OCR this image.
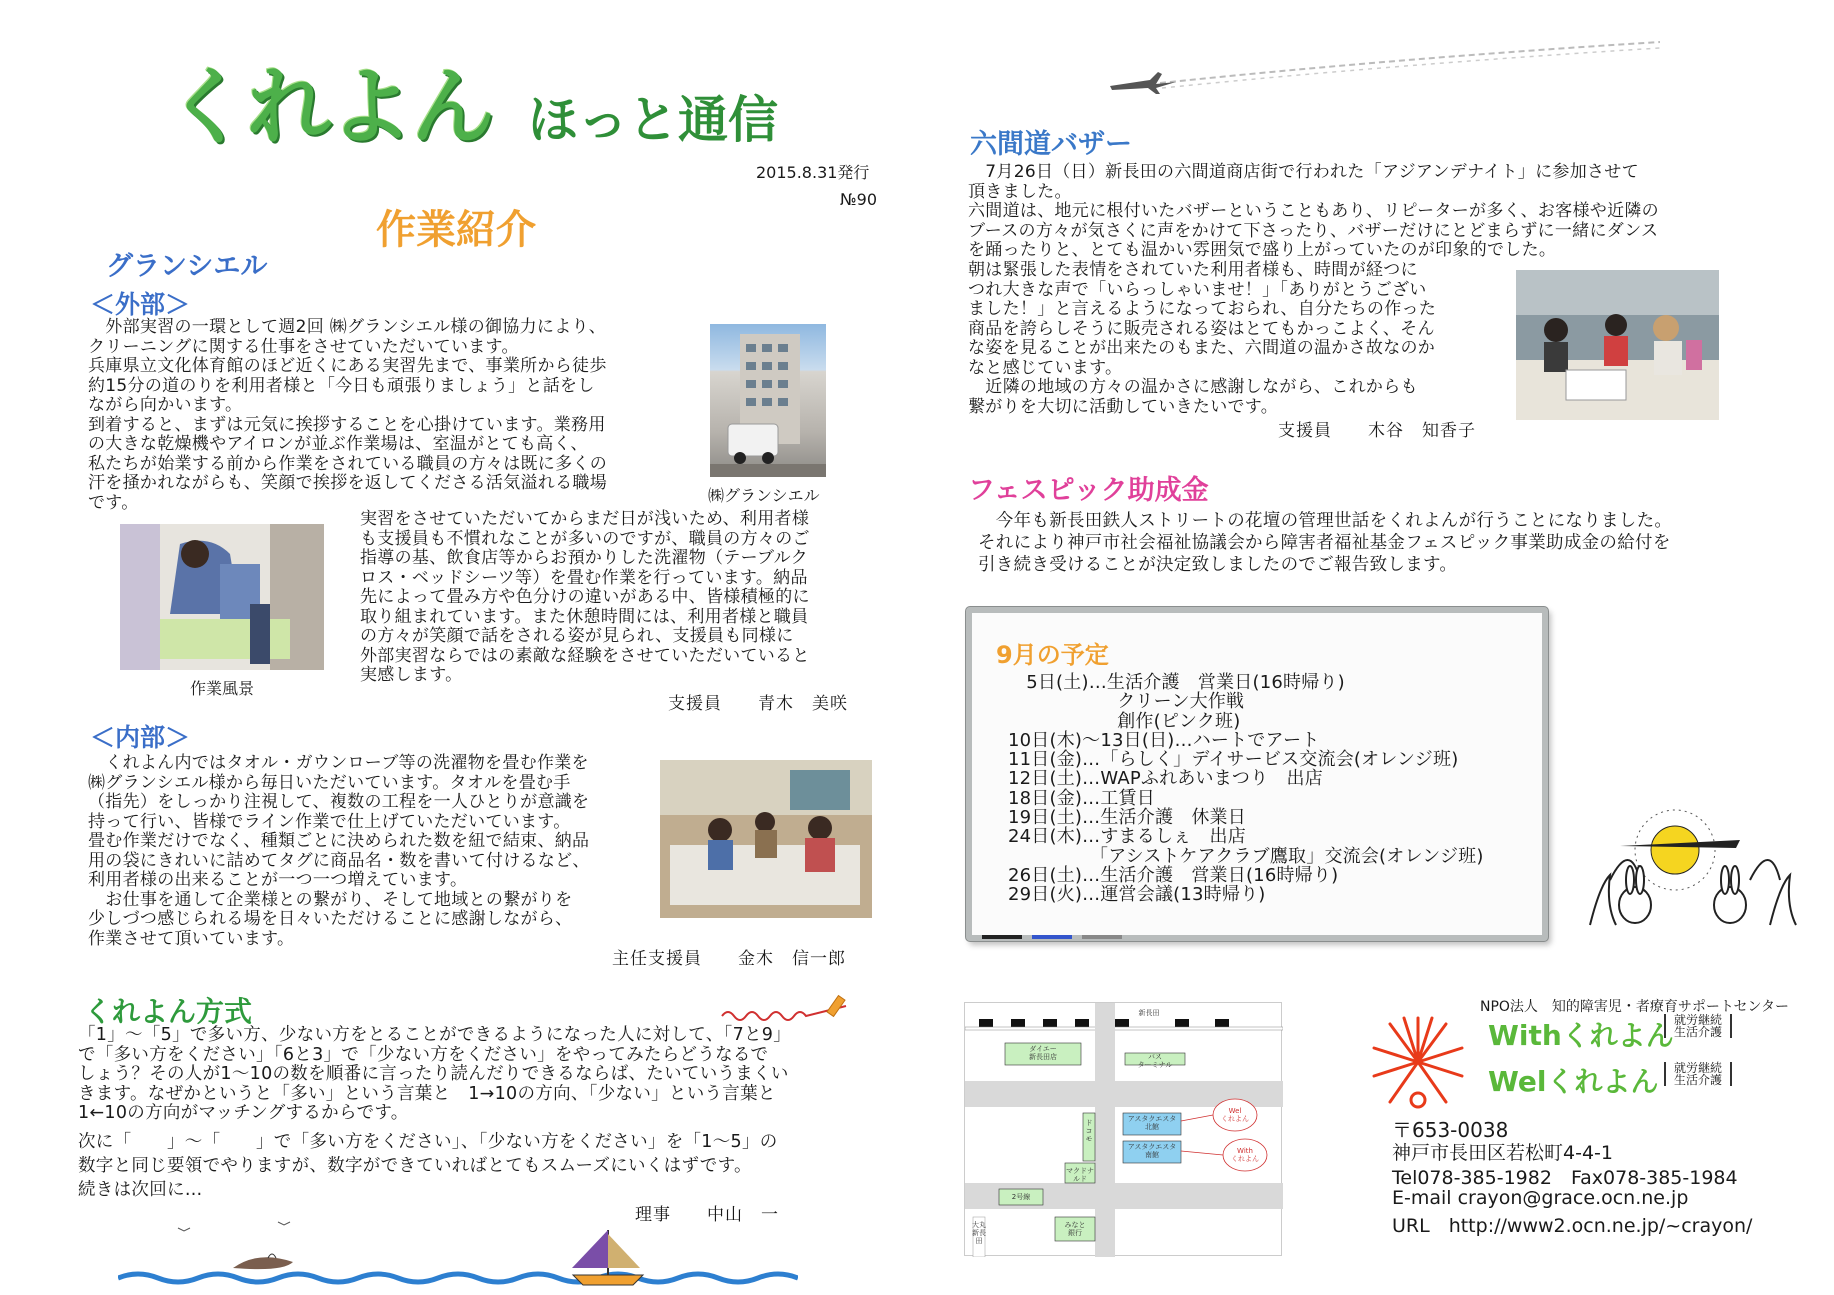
くれよん ほっと通信
2015.8.31発行
№90
作業紹介
グランシエル
＜外部＞
　外部実習の一環として週2回 ㈱グランシエル様の御協力により、
クリーニングに関する仕事をさせていただいています。
兵庫県立文化体育館のほど近くにある実習先まで、事業所から徒歩
約15分の道のりを利用者様と「今日も頑張りましょう」と話をし
ながら向かいます。
到着すると、まずは元気に挨拶することを心掛けています。業務用
の大きな乾燥機やアイロンが並ぶ作業場は、室温がとても高く、
私たちが始業する前から作業をされている職員の方々は既に多くの
汗を掻かれながらも、笑顔で挨拶を返してくださる活気溢れる職場
です。	㈱グランシエル
作業風景
実習をさせていただいてからまだ日が浅いため、利用者様
も支援員も不慣れなことが多いのですが、職員の方々のご
指導の基、飲食店等からお預かりした洗濯物（テーブルク
ロス・ベッドシーツ等）を畳む作業を行っています。納品
先によって畳み方や色分けの違いがある中、皆様積極的に
取り組まれています。また休憩時間には、利用者様と職員
の方々が笑顔で話をされる姿が見られ、支援員も同様に
外部実習ならではの素敵な経験をさせていただいていると
実感します。
支援員　　青木　美咲
＜内部＞
　くれよん内ではタオル・ガウンローブ等の洗濯物を畳む作業を
㈱グランシエル様から毎日いただいています。タオルを畳む手
（指先）をしっかり注視して、複数の工程を一人ひとりが意識を
持って行い、皆様でライン作業で仕上げていただいています。
畳む作業だけでなく、種類ごとに決められた数を紐で結束、納品
用の袋にきれいに詰めてタグに商品名・数を書いて付けるなど、
利用者様の出来ることが一つ一つ増えています。
　お仕事を通して企業様との繋がり、そして地域との繋がりを
少しづつ感じられる場を日々いただけることに感謝しながら、
作業させて頂いています。
主任支援員　　金木　信一郎
くれよん方式
「1」～「5」で多い方、少ない方をとることができるようになった人に対して、「7と9」
で「多い方をください」「6と3」で「少ない方をください」をやってみたらどうなるで
しょう？その人が1～10の数を順番に言ったり読んだりできるならば、たいていうまくい
きます。なぜかというと「多い」という言葉と　1→10の方向、「少ない」という言葉と
1←10の方向がマッチングするからです。
次に「　　」～「　　」で「多い方をください」、「少ない方をください」を「1～5」の
数字と同じ要領でやりますが、数字ができていればとてもスムーズにいくはずです。
続きは次回に…
理事　　中山　一
六間道バザー
　7月26日（日）新長田の六間道商店街で行われた「アジアンデナイト」に参加させて
頂きました。
六間道は、地元に根付いたバザーということもあり、リピーターが多く、お客様や近隣の
ブースの方々が気さくに声をかけて下さったり、バザーだけにとどまらずに一緒にダンス
を踊ったりと、とても温かい雰囲気で盛り上がっていたのが印象的でした。
朝は緊張した表情をされていた利用者様も、時間が経つに
つれ大きな声で「いらっしゃいませ！」「ありがとうござい
ました！」と言えるようになっておられ、自分たちの作った
商品を誇らしそうに販売される姿はとてもかっこよく、そん
な姿を見ることが出来たのもまた、六間道の温かさ故なのか
なと感じています。
　近隣の地域の方々の温かさに感謝しながら、これからも
繋がりを大切に活動していきたいです。
支援員　　木谷　知香子
フェスピック助成金
　今年も新長田鉄人ストリートの花壇の管理世話をくれよんが行うことになりました。
それにより神戸市社会福祉協議会から障害者福祉基金フェスピック事業助成金の給付を
引き続き受けることが決定致しましたのでご報告致します。
9月の予定
　5日(土)…生活介護　営業日(16時帰り)
　　　　　　クリーン大作戦
　　　　　　創作(ピンク班)
10日(木)～13日(日)…ハートでアート
11日(金)…「らしく」デイサービス交流会(オレンジ班)
12日(土)…WAPふれあいまつり　出店
18日(金)…工賃日
19日(土)…生活介護　休業日
24日(木)…すまるしぇ　出店
　　　　　「アシストケアクラブ鷹取」交流会(オレンジ班)
26日(土)…生活介護　営業日(16時帰り)
29日(火)…運営会議(13時帰り)
新長田
ダイエー
新長田店	バス
ターミナル
ドコモ
アスタクエスタ
北館
アスタクエスタ
南館
マクドナルド
Wel
くれよん
With
くれよん
2号線
みなと
銀行
大丸
新長田
NPO法人　知的障害児・者療育サポートセンター
Withくれよん 就労継続
生活介護
Welくれよん	就労継続
生活介護
〒653-0038
神戸市長田区若松町4-4-1
Tel078-385-1982　Fax078-385-1984
E-mail crayon@grace.ocn.ne.jp
URL　http://www2.ocn.ne.jp/~crayon/
